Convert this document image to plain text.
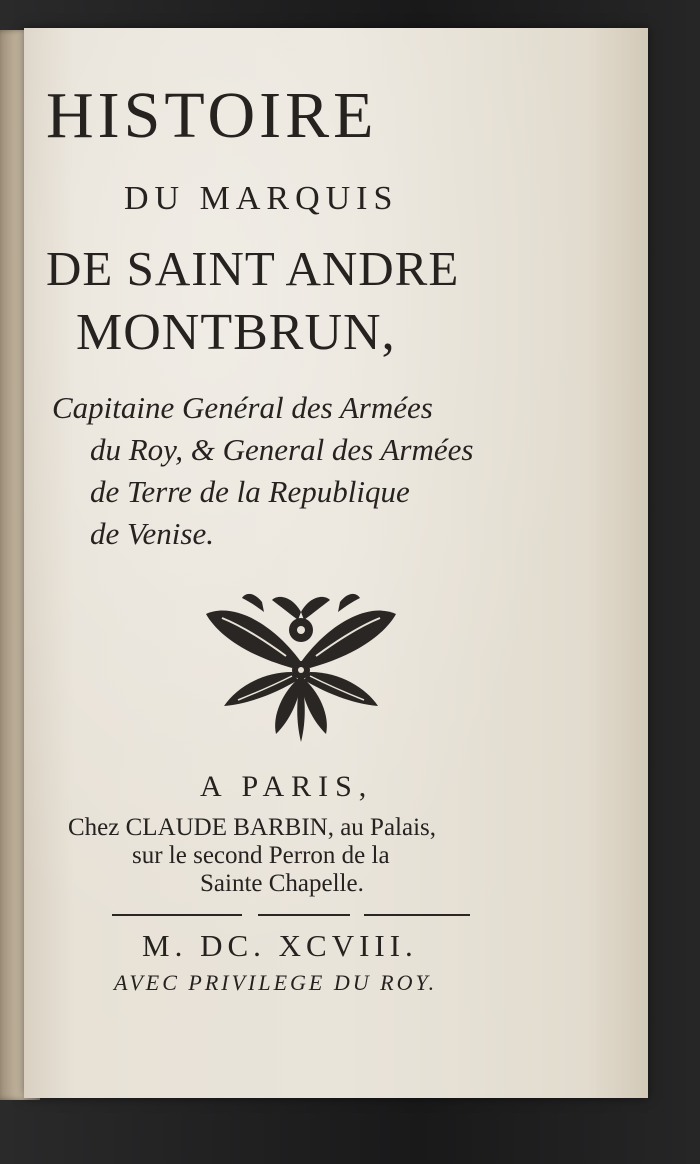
HISTOIRE
DU MARQUIS
DE SAINT ANDRE
MONTBRUN,
Capitaine Genéral des Armées
du Roy, & General des Armées
de Terre de la Republique
de Venise.
A PARIS,
Chez CLAUDE BARBIN, au Palais,
sur le second Perron de la
Sainte Chapelle.
M. DC. XCVIII.
AVEC PRIVILEGE DU ROY.
